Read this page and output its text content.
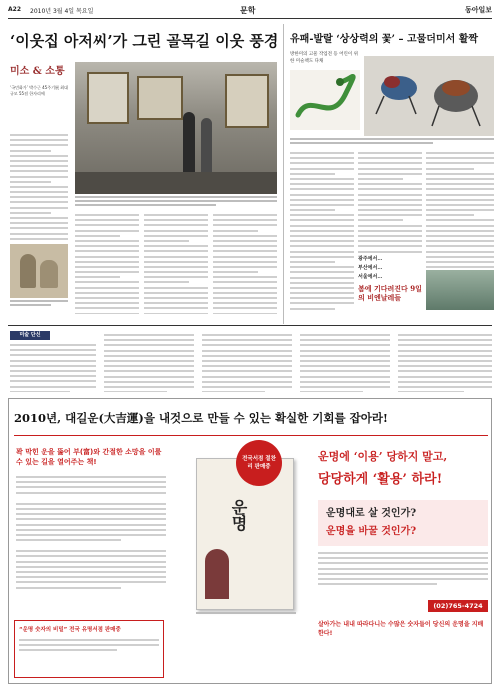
A22 2010년 3월 4일 목요일	문학	동아일보
‘이웃집 아저씨’가 그린 골목길 이웃 풍경
미소 & 소통
‘국민화가’ 박수근 45주기展 최대 규모 55점 한자리에
유패-발랄 ‘상상력의 꽃’ – 고물더미서 활짝
방한미의 고물 작업전 등 어린이 위한 미술책도 다채
광주에서…
부산에서…
서울에서…
봄에 기다려진다 9일의 비엔날레들
미술 단신
2010년, 대길운(大吉運)을 내것으로 만들 수 있는 확실한 기회를 잡아라!
꽉 막힌 운을 뚫어 부(富)와 간절한 소망을 이룰 수 있는 길을 열어주는 책!
“운명 숫자의 비밀” 전국 유명서점 판매중
운명
전국서점 절찬리 판매중
운명에 ‘이용’ 당하지 말고,
당당하게 ‘활용’ 하라!
운명대로 살 것인가?
운명을 바꿀 것인가?
(02)765-4724
살아가는 내내 따라다니는 수많은 숫자들이 당신의 운명을 지배한다!
